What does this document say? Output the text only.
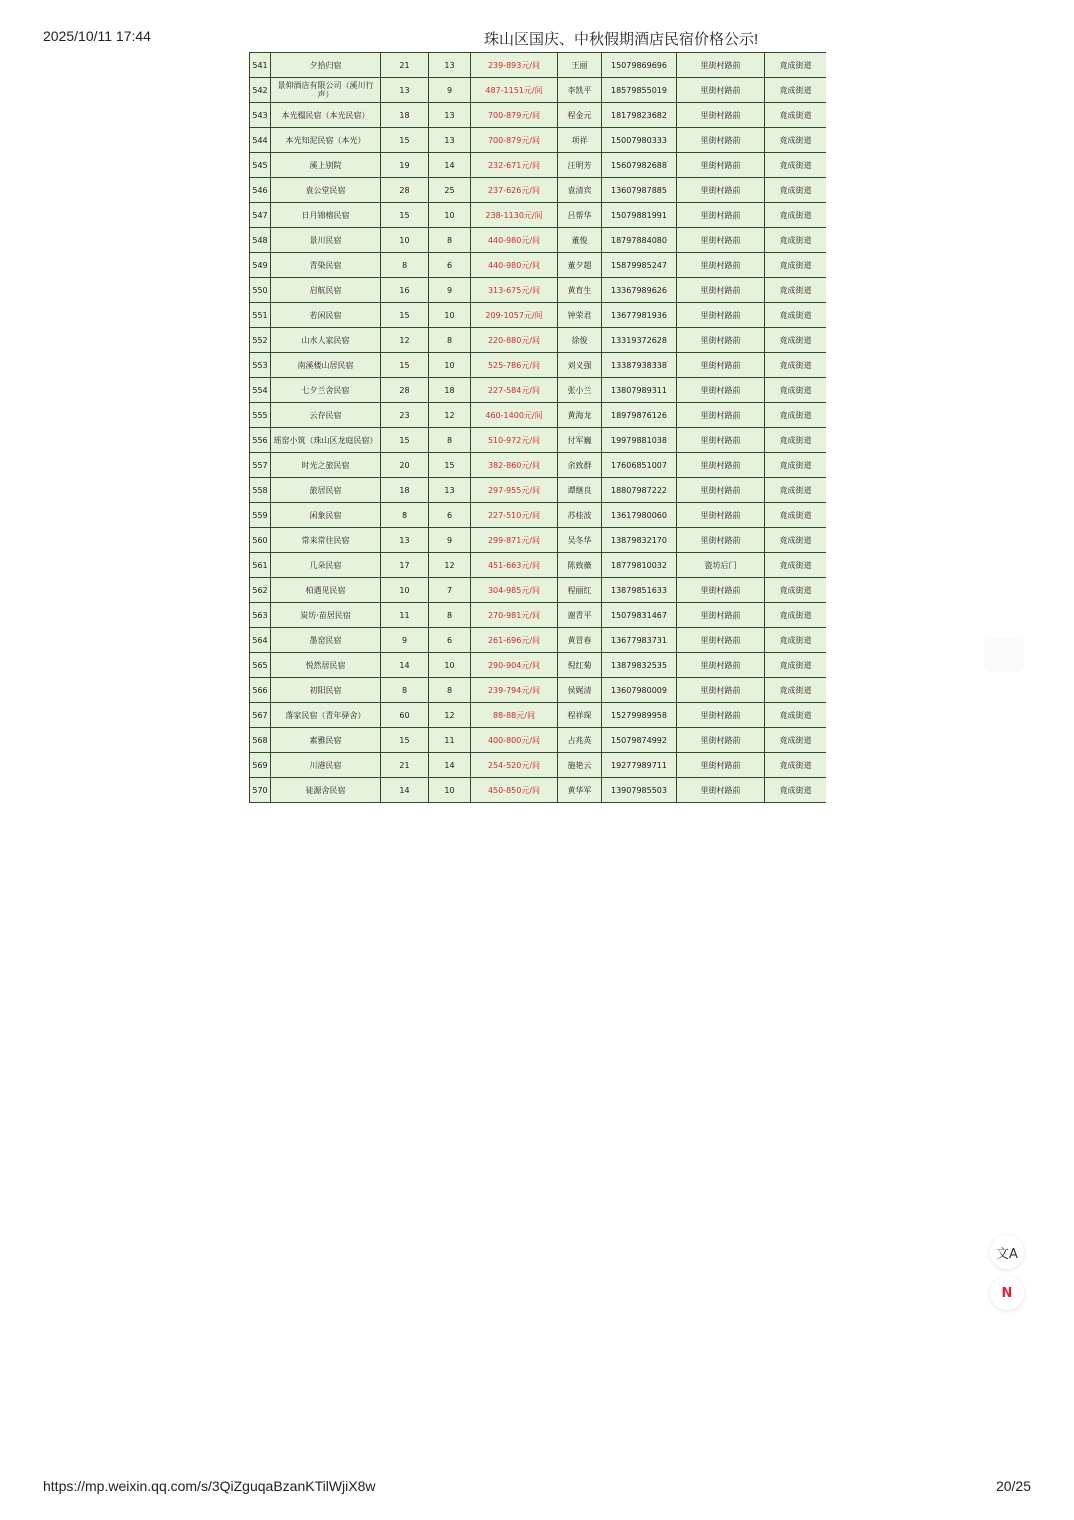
2025/10/11 17:44	珠山区国庆、中秋假期酒店民宿价格公示!
541	夕拾归宿	21	13	239-893元/间	王丽	15079869696	里街村路前	竟成街道
542	景仰酒店有限公司（溪川行声）	13	9	487-1151元/间	李凯平	18579855019	里街村路前	竟成街道
543	本光榻民宿（本光民宿）	18	13	700-879元/间	程金元	18179823682	里街村路前	竟成街道
544	本光知泥民宿（本光）	15	13	700-879元/间	项祥	15007980333	里街村路前	竟成街道
545	溪上别院	19	14	232-671元/间	汪明芳	15607982688	里街村路前	竟成街道
546	袁公堂民宿	28	25	237-626元/间	袁清宾	13607987885	里街村路前	竟成街道
547	日月锦榕民宿	15	10	238-1130元/间	吕帮华	15079881991	里街村路前	竟成街道
548	景川民宿	10	8	440-980元/间	董俊	18797884080	里街村路前	竟成街道
549	青染民宿	8	6	440-980元/间	董夕超	15879985247	里街村路前	竟成街道
550	启航民宿	16	9	313-675元/间	黄育生	13367989626	里街村路前	竟成街道
551	若闲民宿	15	10	209-1057元/间	钟荣君	13677981936	里街村路前	竟成街道
552	山水人家民宿	12	8	220-880元/间	徐俊	13319372628	里街村路前	竟成街道
553	南溪楼山居民宿	15	10	525-786元/间	刘义强	13387938338	里街村路前	竟成街道
554	七夕兰舍民宿	28	18	227-584元/间	张小兰	13807989311	里街村路前	竟成街道
555	云存民宿	23	12	460-1400元/间	黄海龙	18979876126	里街村路前	竟成街道
556	瑶窑小筑（珠山区龙庭民宿）	15	8	510-972元/间	付军巍	19979881038	里街村路前	竟成街道
557	时光之旅民宿	20	15	382-860元/间	余致群	17606851007	里街村路前	竟成街道
558	旅居民宿	18	13	297-955元/间	谭继良	18807987222	里街村路前	竟成街道
559	闲象民宿	8	6	227-510元/间	苏桂波	13617980060	里街村路前	竟成街道
560	常来常往民宿	13	9	299-871元/间	吴冬华	13879832170	里街村路前	竟成街道
561	几朵民宿	17	12	451-663元/间	陈致薇	18779810032	瓷坊后门	竟成街道
562	柏遇见民宿	10	7	304-985元/间	程丽红	13879851633	里街村路前	竟成街道
563	炭坊·苗居民宿	11	8	270-981元/间	谢青平	15079831467	里街村路前	竟成街道
564	墨窑民宿	9	6	261-696元/间	黄冒春	13677983731	里街村路前	竟成街道
565	悦然居民宿	14	10	290-904元/间	倪红菊	13879832535	里街村路前	竟成街道
566	初阳民宿	8	8	239-794元/间	侯娓清	13607980009	里街村路前	竟成街道
567	落家民宿（青年驿舍）	60	12	88-88元/间	程祥琛	15279989958	里街村路前	竟成街道
568	素雅民宿	15	11	400-800元/间	占兆英	15079874992	里街村路前	竟成街道
569	川港民宿	21	14	254-520元/间	施艳云	19277989711	里街村路前	竟成街道
570	徒源舍民宿	14	10	450-850元/间	黄华军	13907985503	里街村路前	竟成街道
文A
N
https://mp.weixin.qq.com/s/3QiZguqaBzanKTilWjiX8w	20/25
